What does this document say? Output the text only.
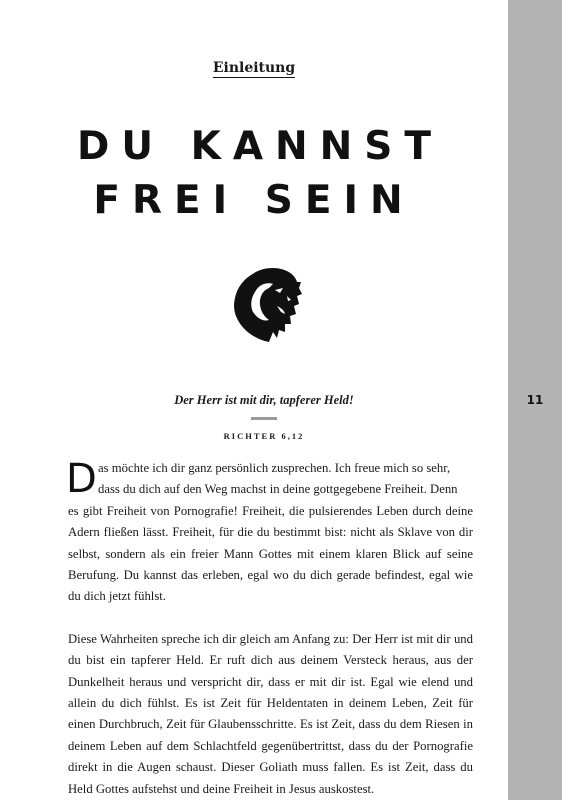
Einleitung
DU KANNST
FREI SEIN
Der Herr ist mit dir, tapferer Held!
RICHTER 6,12

D as möchte ich dir ganz persönlich zusprechen. Ich freue mich so sehr,
dass du dich auf den Weg machst in deine gottgegebene Freiheit. Denn
es gibt Freiheit von Pornografie! Freiheit, die pulsierendes Leben durch deine Adern fließen lässt. Freiheit, für die du bestimmt bist: nicht als Sklave von dir selbst, sondern als ein freier Mann Gottes mit einem klaren Blick auf seine Berufung. Du kannst das erleben, egal wo du dich gerade befindest, egal wie du dich jetzt fühlst.

Diese Wahrheiten spreche ich dir gleich am Anfang zu: Der Herr ist mit dir und du bist ein tapferer Held. Er ruft dich aus deinem Versteck heraus, aus der Dunkelheit heraus und verspricht dir, dass er mit dir ist. Egal wie elend und allein du dich fühlst. Es ist Zeit für Heldentaten in deinem Leben, Zeit für einen Durchbruch, Zeit für Glaubensschritte. Es ist Zeit, dass du dem Riesen in deinem Leben auf dem Schlachtfeld gegenübertrittst, dass du der Pornografie direkt in die Augen schaust. Dieser Goliath muss fallen. Es ist Zeit, dass du Held Gottes aufstehst und deine Freiheit in Jesus auskostest.

11
